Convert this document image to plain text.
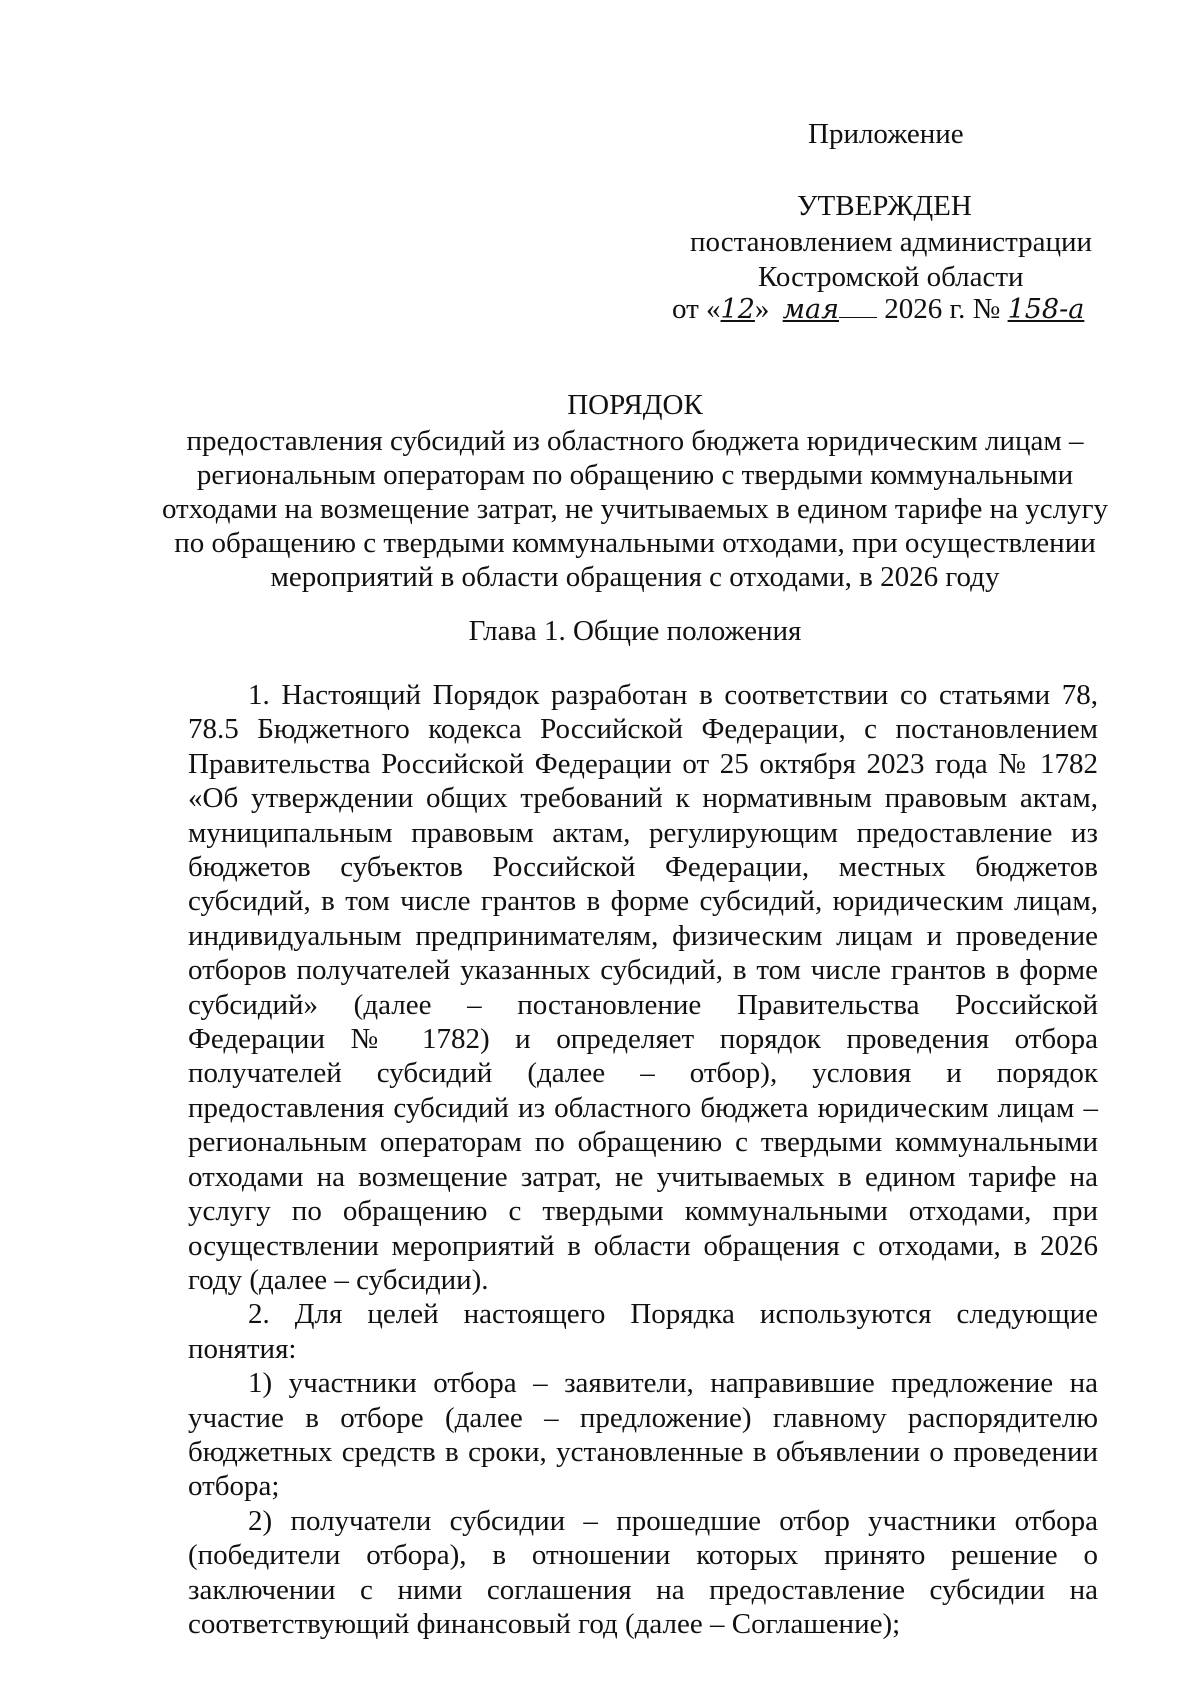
Приложение
УТВЕРЖДЕН
постановлением администрации
Костромской области
от «12» мая 2026 г. № 158-а
ПОРЯДОК
предоставления субсидий из областного бюджета юридическим лицам – региональным операторам по обращению с твердыми коммунальными отходами на возмещение затрат, не учитываемых в едином тарифе на услугу по обращению с твердыми коммунальными отходами, при осуществлении мероприятий в области обращения с отходами, в 2026 году
Глава 1. Общие положения

1. Настоящий Порядок разработан в соответствии со статьями 78, 78.5 Бюджетного кодекса Российской Федерации, с постановлением Правительства Российской Федерации от 25 октября 2023 года № 1782 «Об утверждении общих требований к нормативным правовым актам, муниципальным правовым актам, регулирующим предоставление из бюджетов субъектов Российской Федерации, местных бюджетов субсидий, в том числе грантов в форме субсидий, юридическим лицам, индивидуальным предпринимателям, физическим лицам и проведение отборов получателей указанных субсидий, в том числе грантов в форме субсидий» (далее – постановление Правительства Российской Федерации № 1782) и определяет порядок проведения отбора получателей субсидий (далее – отбор), условия и порядок предоставления субсидий из областного бюджета юридическим лицам – региональным операторам по обращению с твердыми коммунальными отходами на возмещение затрат, не учитываемых в едином тарифе на услугу по обращению с твердыми коммунальными отходами, при осуществлении мероприятий в области обращения с отходами, в 2026 году (далее – субсидии).

2. Для целей настоящего Порядка используются следующие понятия:

1) участники отбора – заявители, направившие предложение на участие в отборе (далее – предложение) главному распорядителю бюджетных средств в сроки, установленные в объявлении о проведении отбора;

2) получатели субсидии – прошедшие отбор участники отбора (победители отбора), в отношении которых принято решение о заключении с ними соглашения на предоставление субсидии на соответствующий финансовый год (далее – Соглашение);
